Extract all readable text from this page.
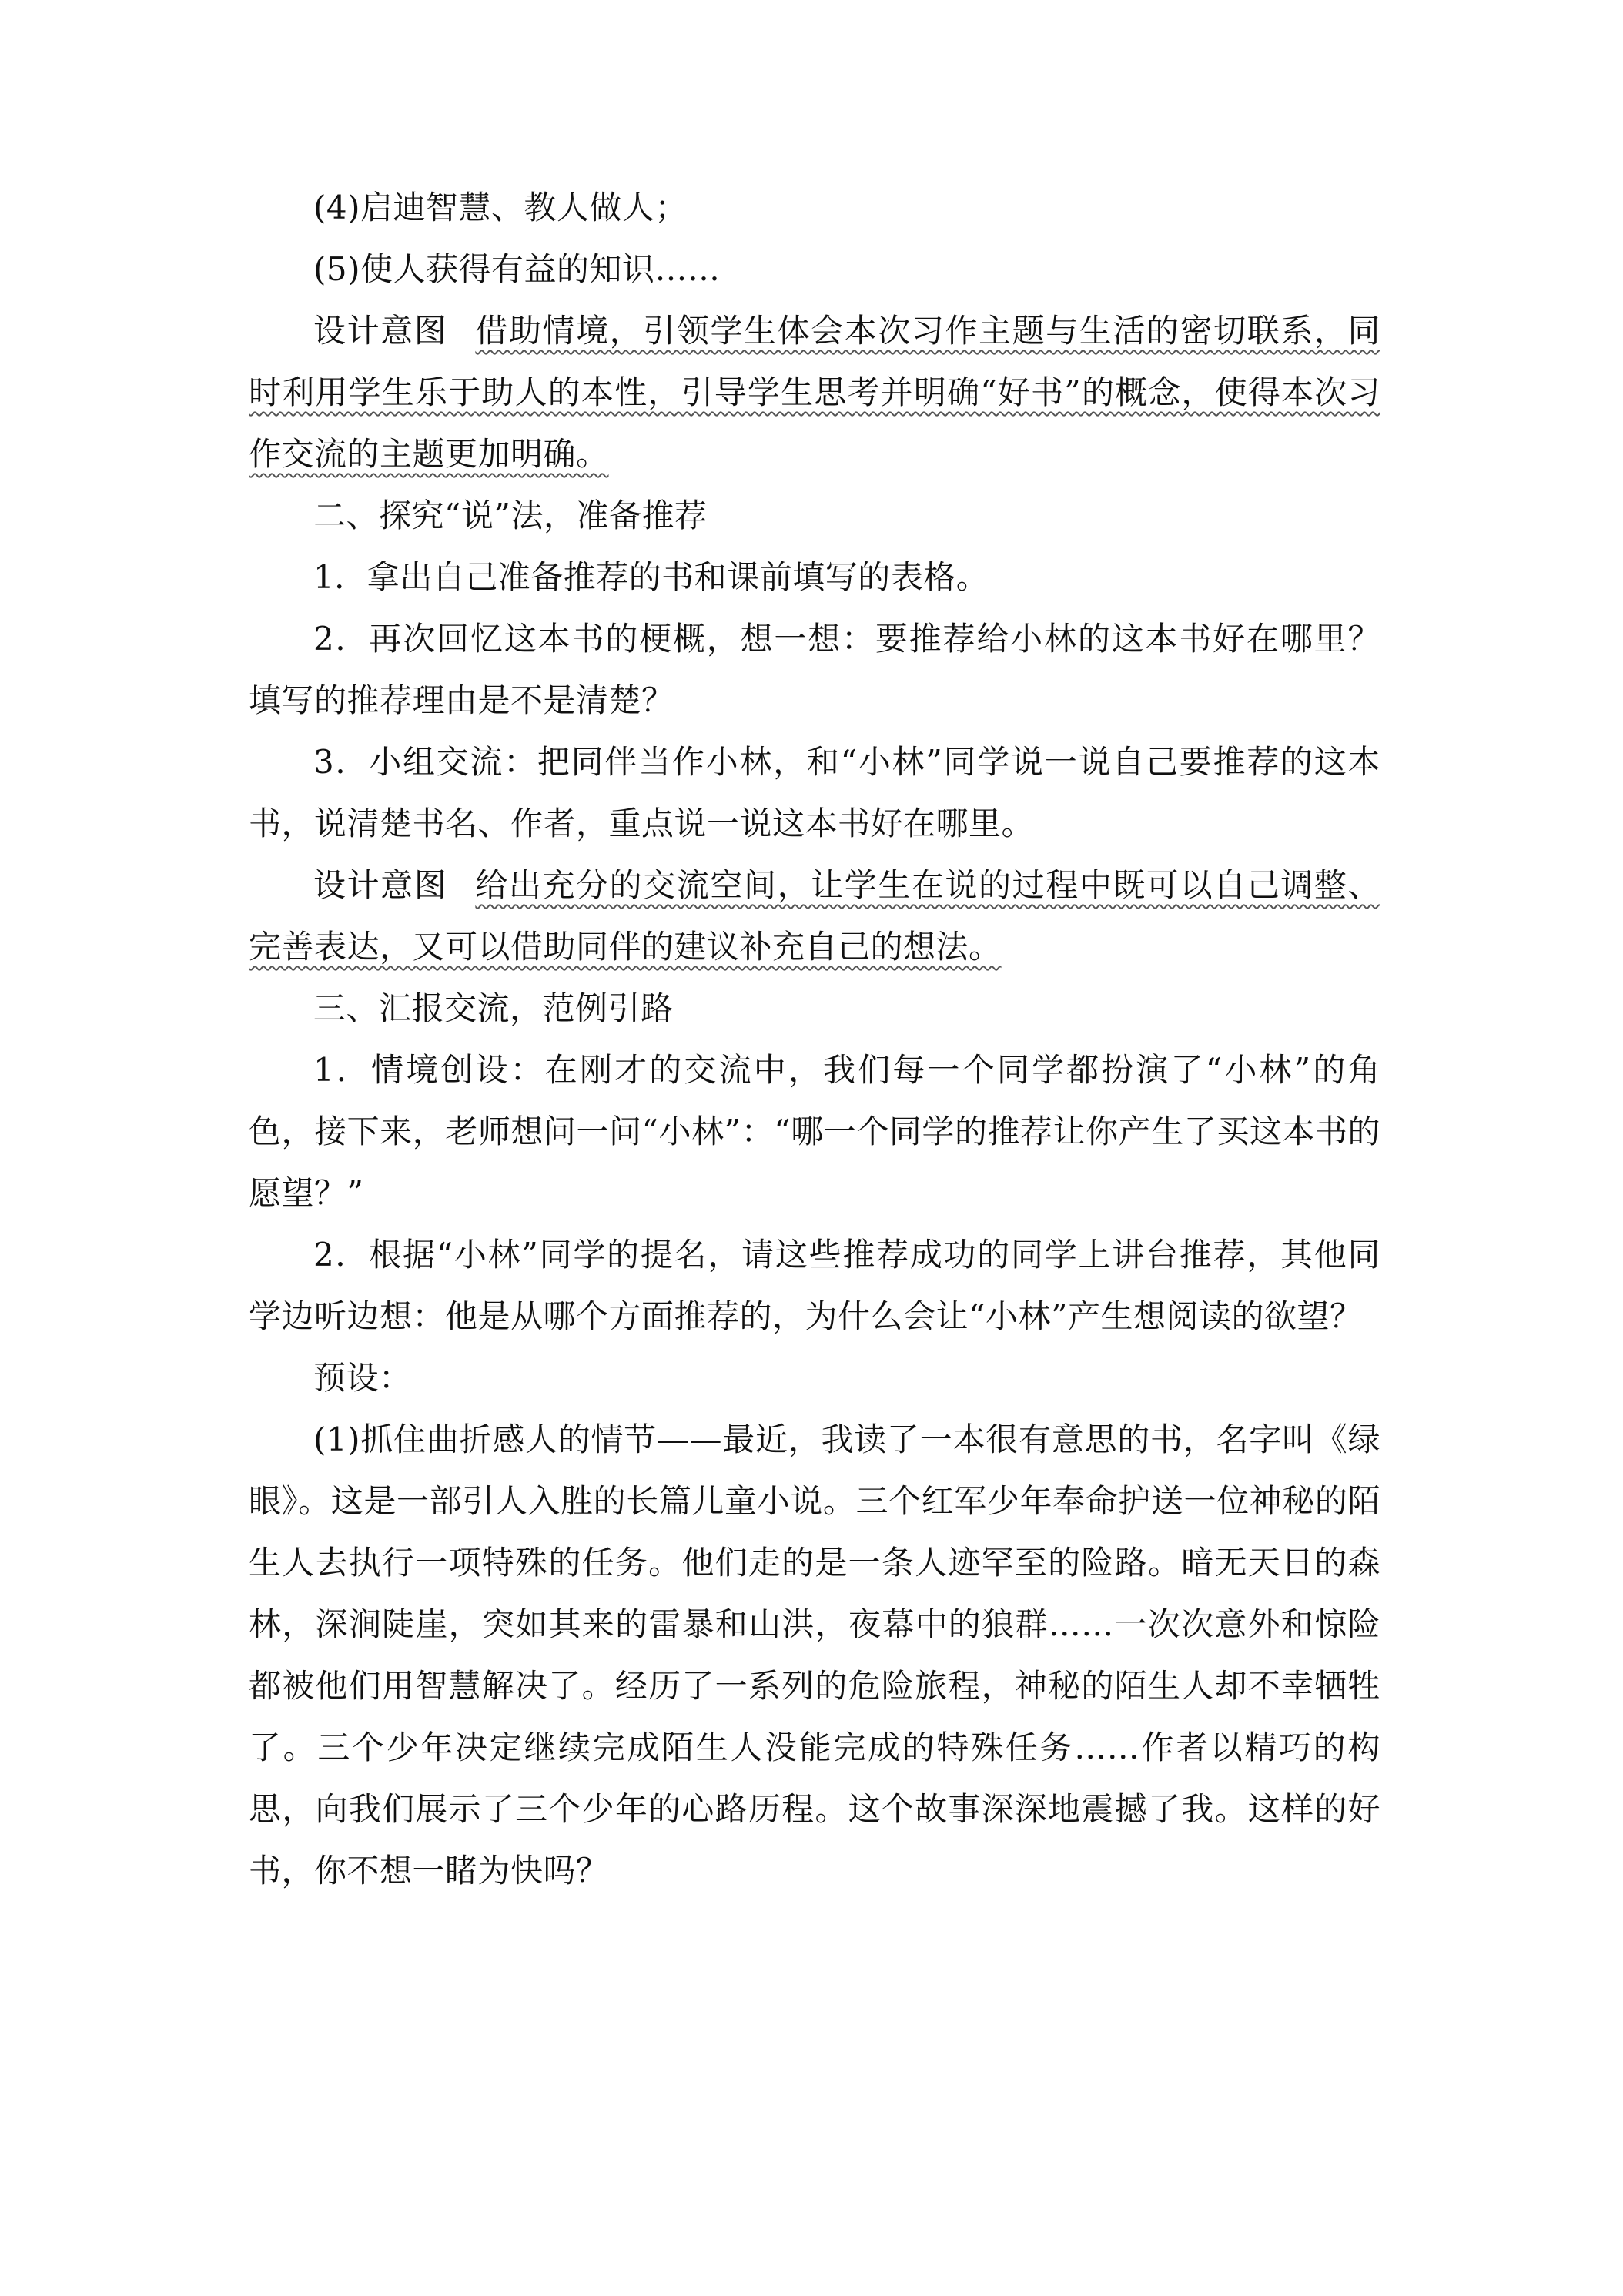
(4)启迪智慧、教人做人；

(5)使人获得有益的知识……

设计意图 借助情境，引领学生体会本次习作主题与生活的密切联系，同时利用学生乐于助人的本性，引导学生思考并明确“好书”的概念，使得本次习作交流的主题更加明确。

二、探究“说”法，准备推荐

1．拿出自己准备推荐的书和课前填写的表格。

2．再次回忆这本书的梗概，想一想：要推荐给小林的这本书好在哪里？填写的推荐理由是不是清楚？

3．小组交流：把同伴当作小林，和“小林”同学说一说自己要推荐的这本书，说清楚书名、作者，重点说一说这本书好在哪里。

设计意图 给出充分的交流空间，让学生在说的过程中既可以自己调整、完善表达，又可以借助同伴的建议补充自己的想法。

三、汇报交流，范例引路

1．情境创设：在刚才的交流中，我们每一个同学都扮演了“小林”的角色，接下来，老师想问一问“小林”：“哪一个同学的推荐让你产生了买这本书的愿望？”

2．根据“小林”同学的提名，请这些推荐成功的同学上讲台推荐，其他同学边听边想：他是从哪个方面推荐的，为什么会让“小林”产生想阅读的欲望？

预设：

(1)抓住曲折感人的情节——最近，我读了一本很有意思的书，名字叫《绿眼》。这是一部引人入胜的长篇儿童小说。三个红军少年奉命护送一位神秘的陌生人去执行一项特殊的任务。他们走的是一条人迹罕至的险路。暗无天日的森林，深涧陡崖，突如其来的雷暴和山洪，夜幕中的狼群……一次次意外和惊险都被他们用智慧解决了。经历了一系列的危险旅程，神秘的陌生人却不幸牺牲了。三个少年决定继续完成陌生人没能完成的特殊任务……作者以精巧的构思，向我们展示了三个少年的心路历程。这个故事深深地震撼了我。这样的好书，你不想一睹为快吗？
